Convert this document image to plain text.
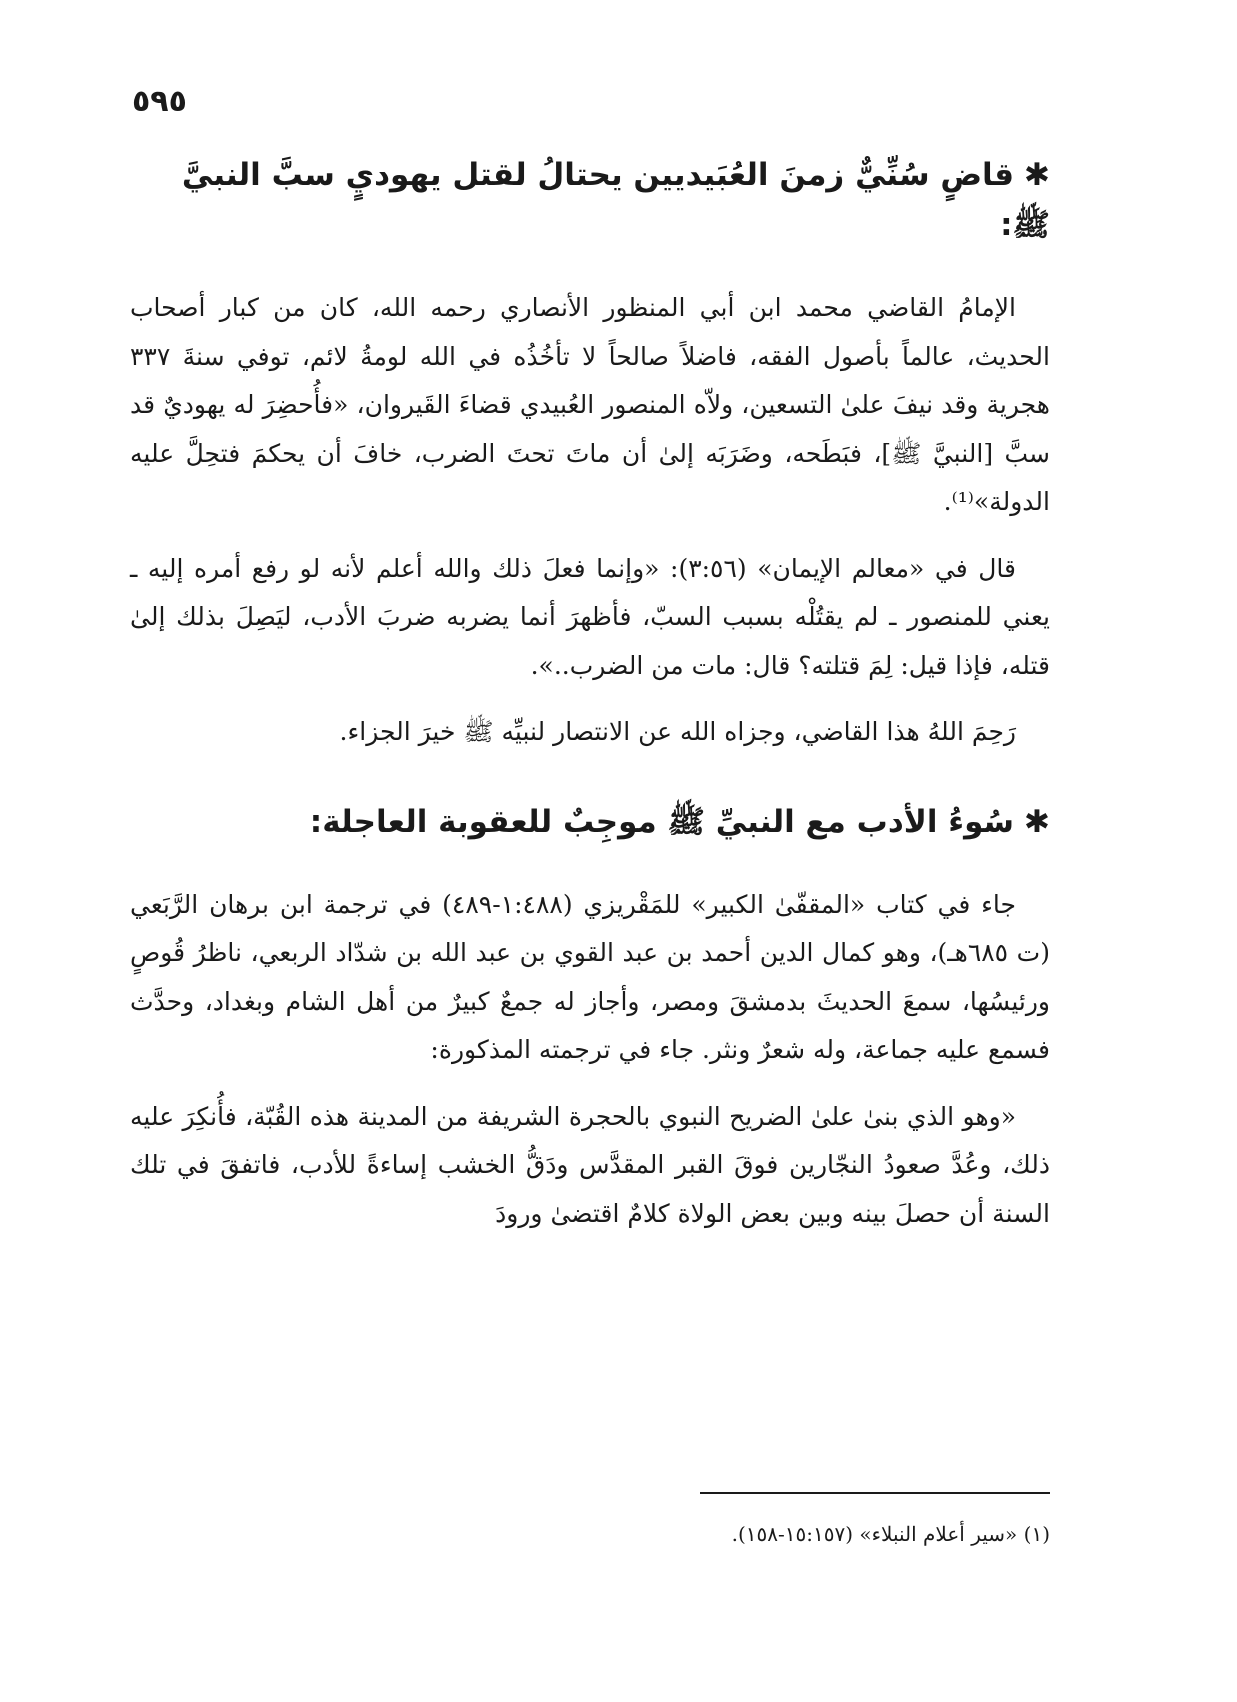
٥٩٥
✱قاضٍ سُنِّيٌّ زمنَ العُبَيديين يحتالُ لقتل يهوديٍ سبَّ النبيَّ ﷺ:

الإمامُ القاضي محمد ابن أبي المنظور الأنصاري رحمه الله، كان من كبار أصحاب الحديث، عالماً بأصول الفقه، فاضلاً صالحاً لا تأخُذُه في الله لومةُ لائم، توفي سنةَ ٣٣٧ هجرية وقد نيفَ علىٰ التسعين، ولاّه المنصور العُبيدي قضاءَ القَيروان، «فأُحضِرَ له يهوديٌ قد سبَّ [النبيَّ ﷺ]، فبَطَحه، وضَرَبَه إلىٰ أن ماتَ تحتَ الضرب، خافَ أن يحكمَ فتحِلَّ عليه الدولة»⁽¹⁾.

قال في «معالم الإيمان» (٣:٥٦): «وإنما فعلَ ذلك والله أعلم لأنه لو رفع أمره إليه ـ يعني للمنصور ـ لم يقتُلْه بسبب السبّ، فأظهرَ أنما يضربه ضربَ الأدب، ليَصِلَ بذلك إلىٰ قتله، فإذا قيل: لِمَ قتلته؟ قال: مات من الضرب..».

رَحِمَ اللهُ هذا القاضي، وجزاه الله عن الانتصار لنبيِّه ﷺ خيرَ الجزاء.

✱سُوءُ الأدب مع النبيِّ ﷺ موجِبٌ للعقوبة العاجلة:

جاء في كتاب «المقفّىٰ الكبير» للمَقْريزي (١:٤٨٨-٤٨٩) في ترجمة ابن برهان الرَّبَعي (ت ٦٨٥هـ)، وهو كمال الدين أحمد بن عبد القوي بن عبد الله بن شدّاد الربعي، ناظرُ قُوصٍ ورئيسُها، سمعَ الحديثَ بدمشقَ ومصر، وأجاز له جمعٌ كبيرٌ من أهل الشام وبغداد، وحدَّث فسمع عليه جماعة، وله شعرٌ ونثر. جاء في ترجمته المذكورة:

«وهو الذي بنىٰ علىٰ الضريح النبوي بالحجرة الشريفة من المدينة هذه القُبّة، فأُنكِرَ عليه ذلك، وعُدَّ صعودُ النجّارين فوقَ القبر المقدَّس ودَقُّ الخشب إساءةً للأدب، فاتفقَ في تلك السنة أن حصلَ بينه وبين بعض الولاة كلامٌ اقتضىٰ ورودَ

(١) «سير أعلام النبلاء» (١٥:١٥٧-١٥٨).
